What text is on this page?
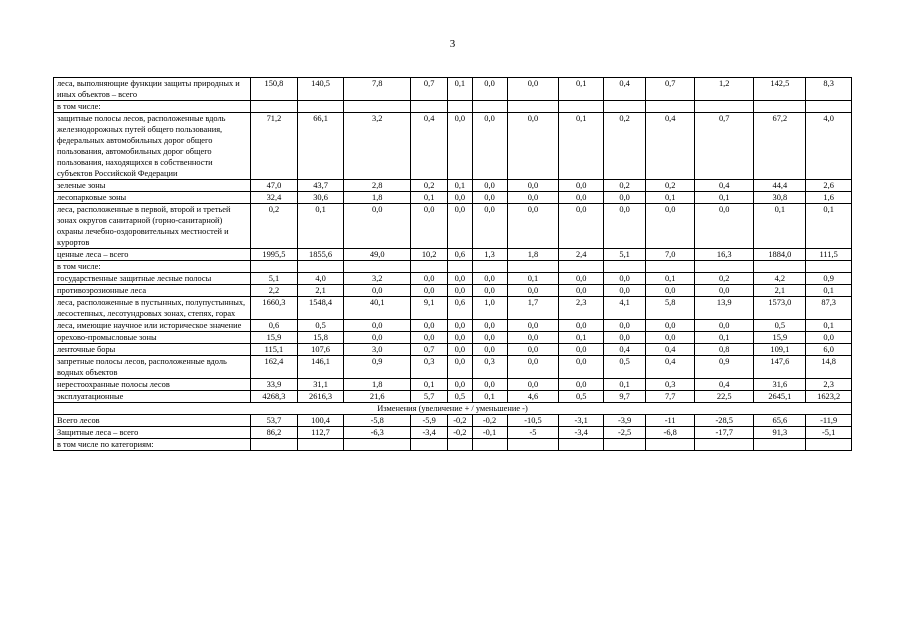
3
леса, выполняющие функции защиты природных и иных объектов – всего	150,8	140,5	7,8	0,7	0,1	0,0	0,0	0,1	0,4	0,7	1,2	142,5	8,3
в том числе:													
защитные полосы лесов, расположенные вдоль железнодорожных путей общего пользования, федеральных автомобильных дорог общего пользования, автомобильных дорог общего пользования, находящихся в собственности субъектов Российской Федерации	71,2	66,1	3,2	0,4	0,0	0,0	0,0	0,1	0,2	0,4	0,7	67,2	4,0
зеленые зоны	47,0	43,7	2,8	0,2	0,1	0,0	0,0	0,0	0,2	0,2	0,4	44,4	2,6
лесопарковые зоны	32,4	30,6	1,8	0,1	0,0	0,0	0,0	0,0	0,0	0,1	0,1	30,8	1,6
леса, расположенные в первой, второй и третьей зонах округов санитарной (горно-санитарной) охраны лечебно-оздоровительных местностей и курортов	0,2	0,1	0,0	0,0	0,0	0,0	0,0	0,0	0,0	0,0	0,0	0,1	0,1
ценные леса – всего	1995,5	1855,6	49,0	10,2	0,6	1,3	1,8	2,4	5,1	7,0	16,3	1884,0	111,5
в том числе:													
государственные защитные лесные полосы	5,1	4,0	3,2	0,0	0,0	0,0	0,1	0,0	0,0	0,1	0,2	4,2	0,9
противоэрозионные леса	2,2	2,1	0,0	0,0	0,0	0,0	0,0	0,0	0,0	0,0	0,0	2,1	0,1
леса, расположенные в пустынных, полупустынных, лесостепных, лесотундровых зонах, степях, горах	1660,3	1548,4	40,1	9,1	0,6	1,0	1,7	2,3	4,1	5,8	13,9	1573,0	87,3
леса, имеющие научное или историческое значение	0,6	0,5	0,0	0,0	0,0	0,0	0,0	0,0	0,0	0,0	0,0	0,5	0,1
орехово-промысловые зоны	15,9	15,8	0,0	0,0	0,0	0,0	0,0	0,1	0,0	0,0	0,1	15,9	0,0
ленточные боры	115,1	107,6	3,0	0,7	0,0	0,0	0,0	0,0	0,4	0,4	0,8	109,1	6,0
запретные полосы лесов, расположенные вдоль водных объектов	162,4	146,1	0,9	0,3	0,0	0,3	0,0	0,0	0,5	0,4	0,9	147,6	14,8
нерестоохранные полосы лесов	33,9	31,1	1,8	0,1	0,0	0,0	0,0	0,0	0,1	0,3	0,4	31,6	2,3
эксплуатационные	4268,3	2616,3	21,6	5,7	0,5	0,1	4,6	0,5	9,7	7,7	22,5	2645,1	1623,2
Изменения (увеличение + / уменьшение -)													
Всего лесов	53,7	100,4	-5,8	-5,9	-0,2	-0,2	-10,5	-3,1	-3,9	-11	-28,5	65,6	-11,9
Защитные леса – всего	86,2	112,7	-6,3	-3,4	-0,2	-0,1	-5	-3,4	-2,5	-6,8	-17,7	91,3	-5,1
в том числе по категориям:													
